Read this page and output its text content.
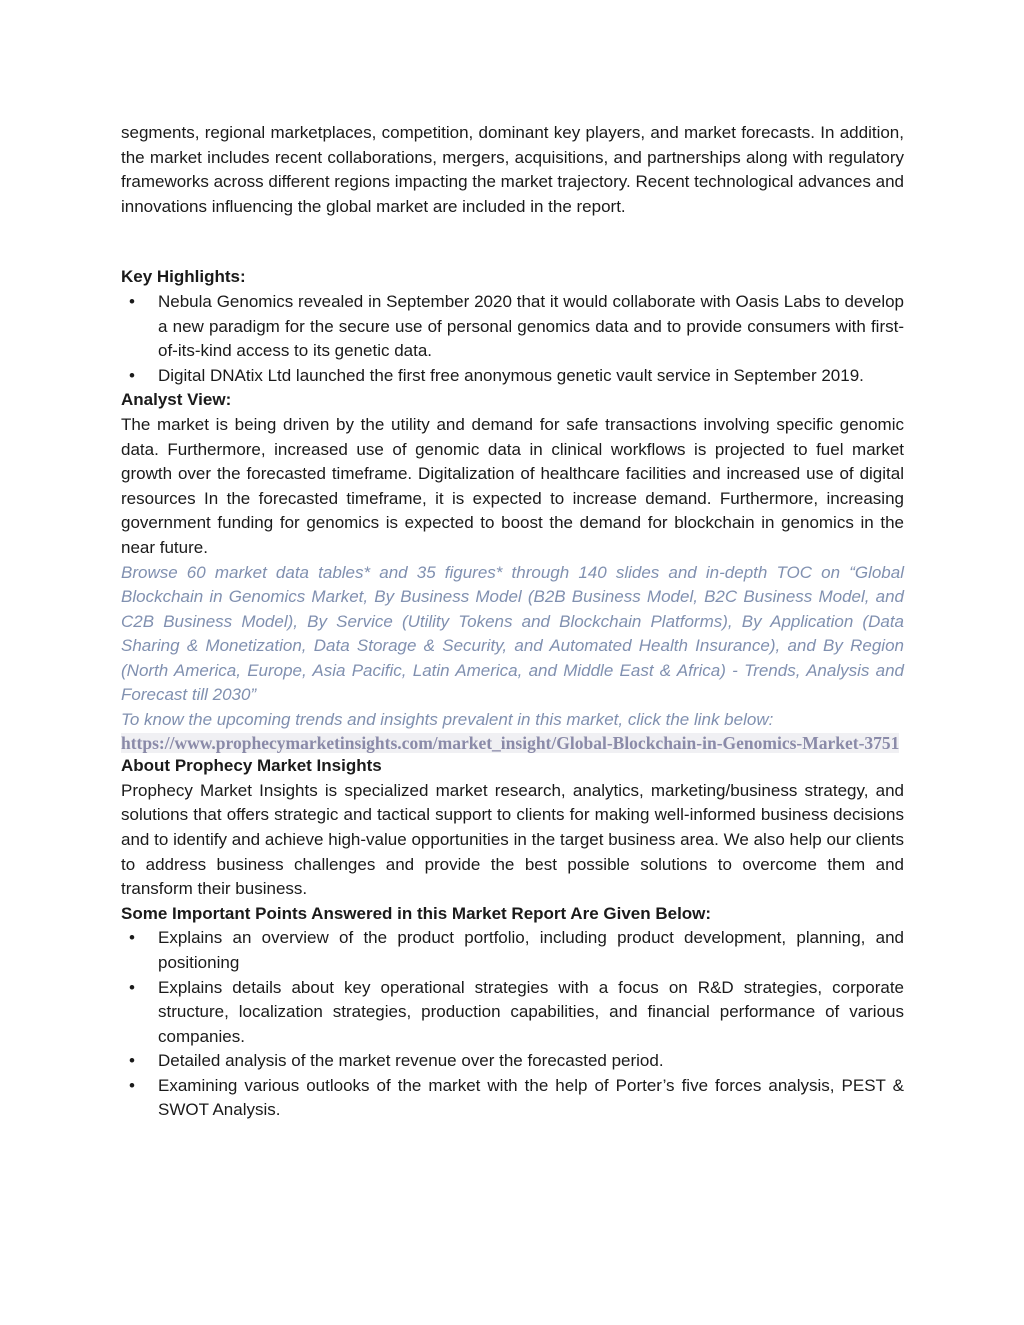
segments, regional marketplaces, competition, dominant key players, and market forecasts. In addition, the market includes recent collaborations, mergers, acquisitions, and partnerships along with regulatory frameworks across different regions impacting the market trajectory. Recent technological advances and innovations influencing the global market are included in the report.

Key Highlights:
• Nebula Genomics revealed in September 2020 that it would collaborate with Oasis Labs to develop a new paradigm for the secure use of personal genomics data and to provide consumers with first-of-its-kind access to its genetic data.
• Digital DNAtix Ltd launched the first free anonymous genetic vault service in September 2019.
Analyst View:

The market is being driven by the utility and demand for safe transactions involving specific genomic data. Furthermore, increased use of genomic data in clinical workflows is projected to fuel market growth over the forecasted timeframe. Digitalization of healthcare facilities and increased use of digital resources In the forecasted timeframe, it is expected to increase demand. Furthermore, increasing government funding for genomics is expected to boost the demand for blockchain in genomics in the near future.

Browse 60 market data tables* and 35 figures* through 140 slides and in-depth TOC on “Global Blockchain in Genomics Market, By Business Model (B2B Business Model, B2C Business Model, and C2B Business Model), By Service (Utility Tokens and Blockchain Platforms), By Application (Data Sharing & Monetization, Data Storage & Security, and Automated Health Insurance), and By Region (North America, Europe, Asia Pacific, Latin America, and Middle East & Africa) - Trends, Analysis and Forecast till 2030”

To know the upcoming trends and insights prevalent in this market, click the link below:

https://www.prophecymarketinsights.com/market_insight/Global-Blockchain-in-Genomics-Market-3751
About Prophecy Market Insights

Prophecy Market Insights is specialized market research, analytics, marketing/business strategy, and solutions that offers strategic and tactical support to clients for making well-informed business decisions and to identify and achieve high-value opportunities in the target business area. We also help our clients to address business challenges and provide the best possible solutions to overcome them and transform their business.

Some Important Points Answered in this Market Report Are Given Below:
• Explains an overview of the product portfolio, including product development, planning, and positioning
• Explains details about key operational strategies with a focus on R&D strategies, corporate structure, localization strategies, production capabilities, and financial performance of various companies.
• Detailed analysis of the market revenue over the forecasted period.
• Examining various outlooks of the market with the help of Porter’s five forces analysis, PEST & SWOT Analysis.
